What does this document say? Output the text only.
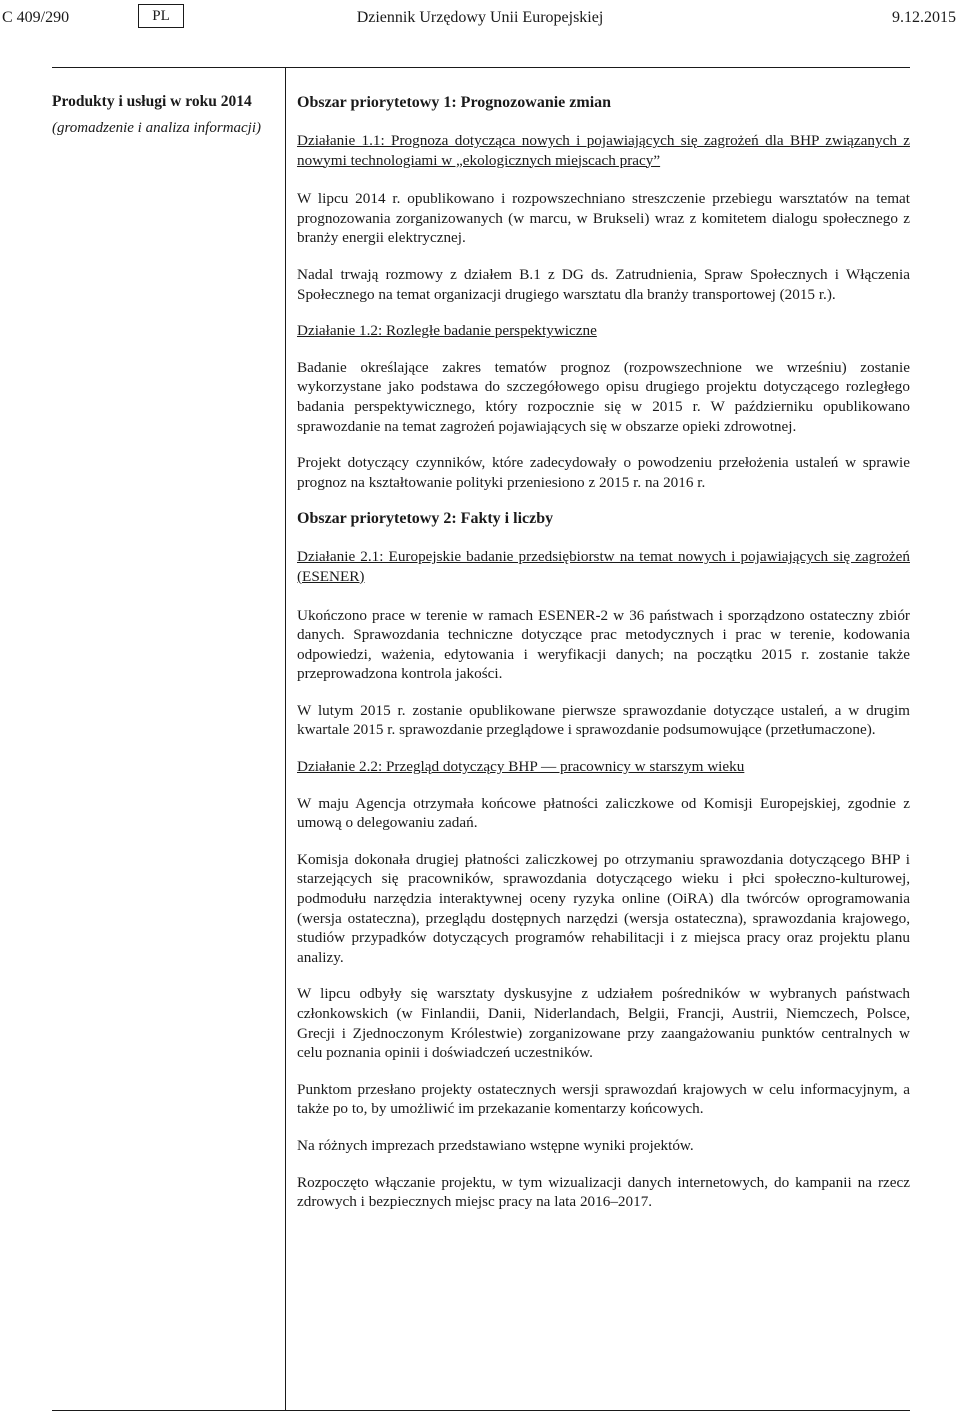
C 409/290	PL	Dziennik Urzędowy Unii Europejskiej	9.12.2015
Produkty i usługi w roku 2014
(gromadzenie i analiza informacji)

Obszar priorytetowy 1: Prognozowanie zmian

Działanie 1.1: Prognoza dotycząca nowych i pojawiających się zagrożeń dla BHP związanych z nowymi technologiami w „ekologicznych miejscach pracy”

W lipcu 2014 r. opublikowano i rozpowszechniano streszczenie przebiegu warsztatów na temat prognozowania zorganizowanych (w marcu, w Brukseli) wraz z komitetem dialogu społecznego z branży energii elektrycznej.

Nadal trwają rozmowy z działem B.1 z DG ds. Zatrudnienia, Spraw Społecznych i Włączenia Społecznego na temat organizacji drugiego warsztatu dla branży transportowej (2015 r.).

Działanie 1.2: Rozległe badanie perspektywiczne

Badanie określające zakres tematów prognoz (rozpowszechnione we wrześniu) zostanie wykorzystane jako podstawa do szczegółowego opisu drugiego projektu dotyczącego rozległego badania perspektywicznego, który rozpocznie się w 2015 r. W październiku opublikowano sprawozdanie na temat zagrożeń pojawiających się w obszarze opieki zdrowotnej.

Projekt dotyczący czynników, które zadecydowały o powodzeniu przełożenia ustaleń w sprawie prognoz na kształtowanie polityki przeniesiono z 2015 r. na 2016 r.

Obszar priorytetowy 2: Fakty i liczby

Działanie 2.1: Europejskie badanie przedsiębiorstw na temat nowych i pojawiających się zagrożeń (ESENER)

Ukończono prace w terenie w ramach ESENER-2 w 36 państwach i sporządzono ostateczny zbiór danych. Sprawozdania techniczne dotyczące prac metodycznych i prac w terenie, kodowania odpowiedzi, ważenia, edytowania i weryfikacji danych; na początku 2015 r. zostanie także przeprowadzona kontrola jakości.

W lutym 2015 r. zostanie opublikowane pierwsze sprawozdanie dotyczące ustaleń, a w drugim kwartale 2015 r. sprawozdanie przeglądowe i sprawozdanie podsumowujące (przetłumaczone).

Działanie 2.2: Przegląd dotyczący BHP — pracownicy w starszym wieku

W maju Agencja otrzymała końcowe płatności zaliczkowe od Komisji Europejskiej, zgodnie z umową o delegowaniu zadań.

Komisja dokonała drugiej płatności zaliczkowej po otrzymaniu sprawozdania dotyczącego BHP i starzejących się pracowników, sprawozdania dotyczącego wieku i płci społeczno-kulturowej, podmodułu narzędzia interaktywnej oceny ryzyka online (OiRA) dla twórców oprogramowania (wersja ostateczna), przeglądu dostępnych narzędzi (wersja ostateczna), sprawozdania krajowego, studiów przypadków dotyczących programów rehabilitacji i z miejsca pracy oraz projektu planu analizy.

W lipcu odbyły się warsztaty dyskusyjne z udziałem pośredników w wybranych państwach członkowskich (w Finlandii, Danii, Niderlandach, Belgii, Francji, Austrii, Niemczech, Polsce, Grecji i Zjednoczonym Królestwie) zorganizowane przy zaangażowaniu punktów centralnych w celu poznania opinii i doświadczeń uczestników.

Punktom przesłano projekty ostatecznych wersji sprawozdań krajowych w celu informacyjnym, a także po to, by umożliwić im przekazanie komentarzy końcowych.

Na różnych imprezach przedstawiano wstępne wyniki projektów.

Rozpoczęto włączanie projektu, w tym wizualizacji danych internetowych, do kampanii na rzecz zdrowych i bezpiecznych miejsc pracy na lata 2016–2017.
